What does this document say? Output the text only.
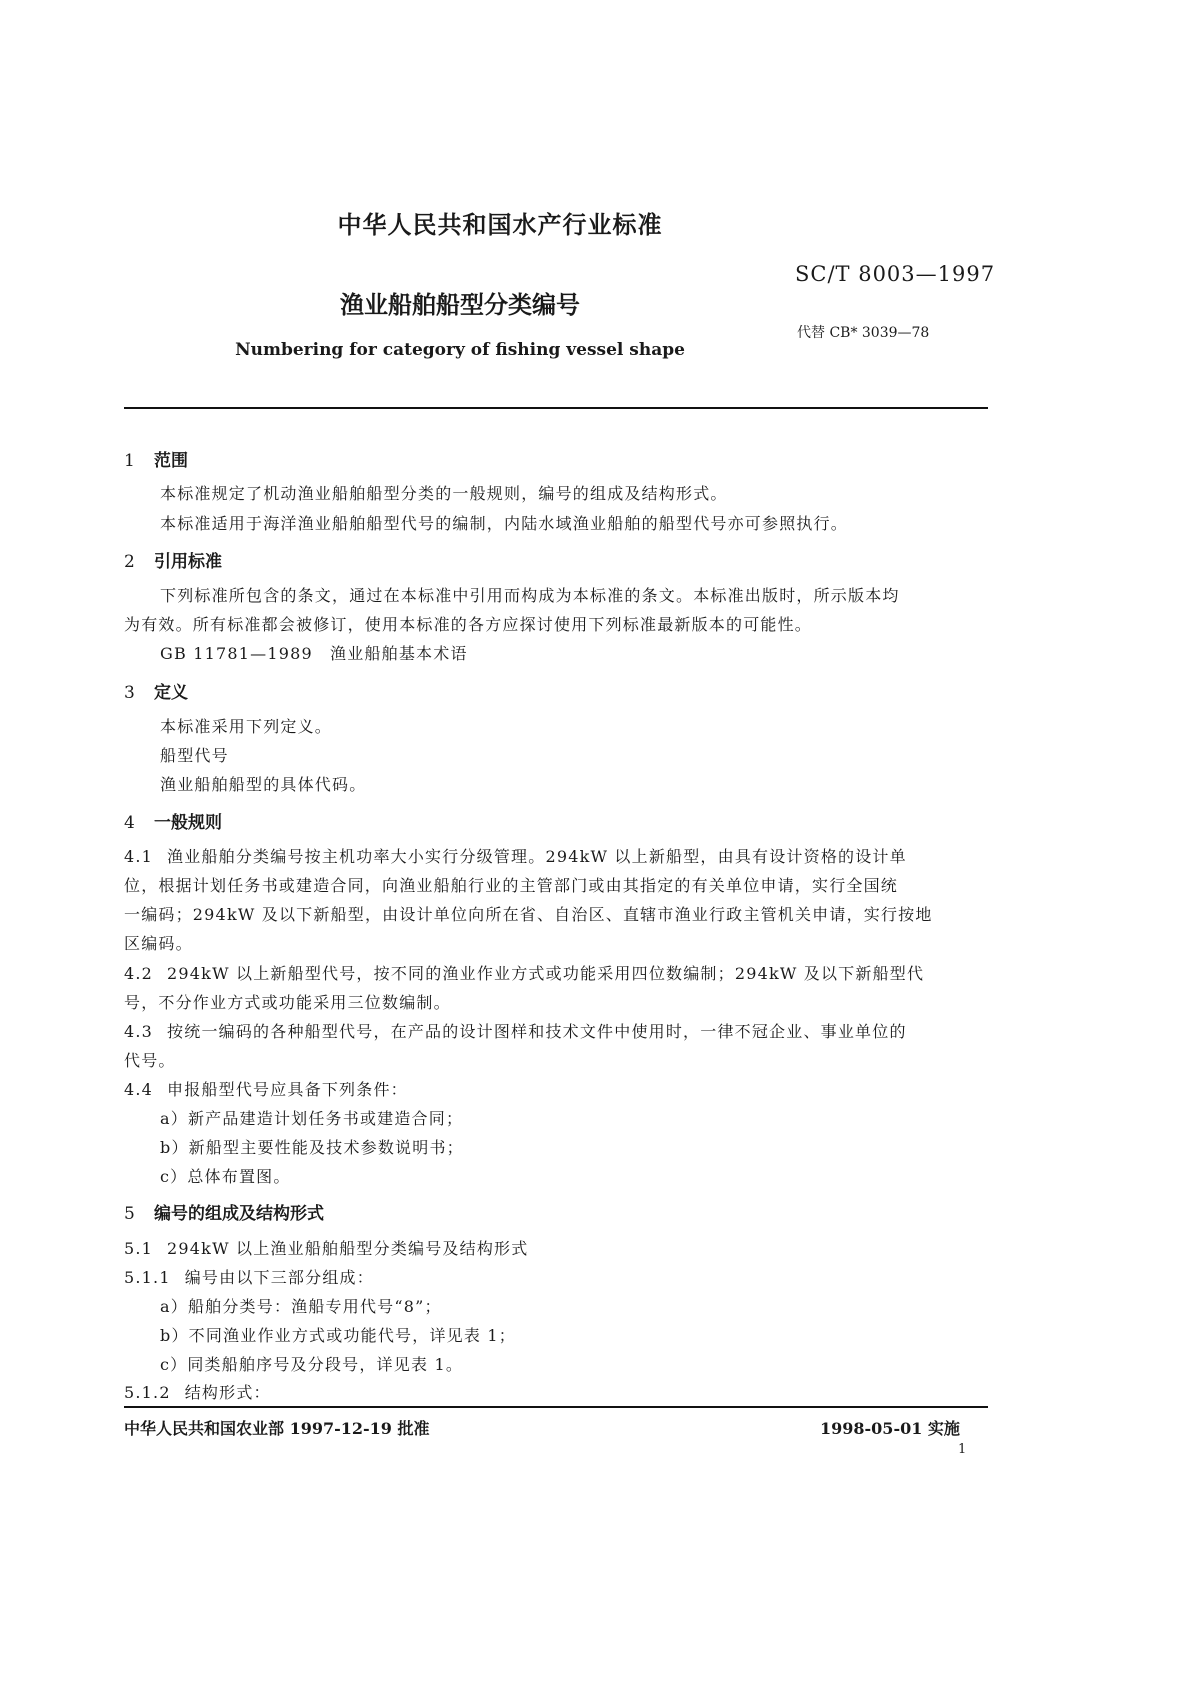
中华人民共和国水产行业标准
SC/T 8003—1997
渔业船舶船型分类编号
代替 CB* 3039—78
Numbering for category of fishing vessel shape
1 范围
本标准规定了机动渔业船舶船型分类的一般规则，编号的组成及结构形式。
本标准适用于海洋渔业船舶船型代号的编制，内陆水域渔业船舶的船型代号亦可参照执行。
2 引用标准
下列标准所包含的条文，通过在本标准中引用而构成为本标准的条文。本标准出版时，所示版本均
为有效。所有标准都会被修订，使用本标准的各方应探讨使用下列标准最新版本的可能性。
GB 11781—1989　渔业船舶基本术语
3 定义
本标准采用下列定义。
船型代号
渔业船舶船型的具体代码。
4 一般规则
4.1 渔业船舶分类编号按主机功率大小实行分级管理。294kW 以上新船型，由具有设计资格的设计单
位，根据计划任务书或建造合同，向渔业船舶行业的主管部门或由其指定的有关单位申请，实行全国统
一编码；294kW 及以下新船型，由设计单位向所在省、自治区、直辖市渔业行政主管机关申请，实行按地
区编码。
4.2 294kW 以上新船型代号，按不同的渔业作业方式或功能采用四位数编制；294kW 及以下新船型代
号，不分作业方式或功能采用三位数编制。
4.3 按统一编码的各种船型代号，在产品的设计图样和技术文件中使用时，一律不冠企业、事业单位的
代号。
4.4 申报船型代号应具备下列条件：
a）新产品建造计划任务书或建造合同；
b）新船型主要性能及技术参数说明书；
c）总体布置图。
5 编号的组成及结构形式
5.1 294kW 以上渔业船舶船型分类编号及结构形式
5.1.1 编号由以下三部分组成：
a）船舶分类号：渔船专用代号“8”；
b）不同渔业作业方式或功能代号，详见表 1；
c）同类船舶序号及分段号，详见表 1。
5.1.2 结构形式：
中华人民共和国农业部 1997-12-19 批准	1998-05-01 实施
1
